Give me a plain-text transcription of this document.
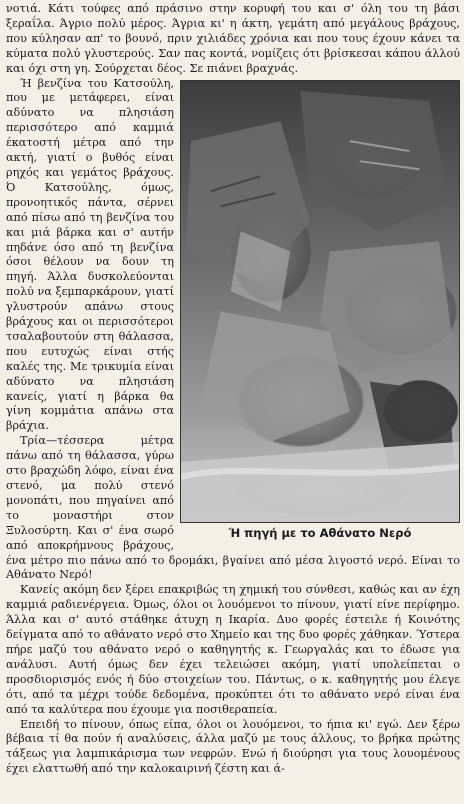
νοτιά. Κάτι τούφες από πράσινο στην κορυφή του και σ' όλη του τη βάσι ξεραΐλα. Άγριο πολύ μέρος. Άγρια κι' η άκτη, γεμάτη από μεγάλους βράχους, που κύλησαν απ' το βουνό, πριν χιλιάδες χρόνια και που τους έχουν κάνει τα κύματα πολύ γλυστερούς. Σαν πας κοντά, νομίζεις ότι βρίσκεσαι κάπου άλλού και όχι στη γη. Σούρχεται δέος. Σε πιάνει βραχνάς.

Ή πηγή με το Αθάνατο Νερό

Ή βενζίνα του Κατσούλη, που με μετάφερει, είναι αδύνατο να πλησιάση περισσότερο από καμμιά έκατοστή μέτρα από την ακτή, γιατί ο βυθός είναι ρηχός και γεμάτος βράχους. Ό Κατσούλης, όμως, προνοητικός πάντα, σέρνει από πίσω από τη βενζίνα του και μιά βάρκα και σ' αυτήν πηδάνε όσο από τη βενζίνα όσοι θέλουν να δουν τη πηγή. Άλλα δυσκολεύονται πολύ να ξεμπαρκάρουν, γιατί γλυστρούν απάνω στους βράχους και οι περισσότεροι τσαλαβουτούν στη θάλασσα, που ευτυχώς είναι στής καλές της. Με τρικυμία είναι αδύνατο να πλησιάση κανείς, γιατί η βάρκα θα γίνη κομμάτια απάνω στα βράχια.

Τρία—τέσσερα μέτρα πάνω από τη θάλασσα, γύρω στο βραχώδη λόφο, είναι ένα στενό, μα πολύ στενό μονοπάτι, που πηγαίνει από το μοναστήρι στον Ξυλοσύρτη. Και σ' ένα σωρό από αποκρήμνους βράχους, ένα μέτρο πιο πάνω από το δρομάκι, βγαίνει από μέσα λιγοστό νερό. Είναι το Αθάνατο Νερό!

Κανείς ακόμη δεν ξέρει επακριβώς τη χημική του σύνθεσι, καθώς και αν έχη καμμιά ραδιενέργεια. Όμως, όλοι οι λουόμενοι το πίνουν, γιατί είνε περίφημο. Άλλα και σ' αυτό στάθηκε άτυχη η Ικαρία. Δυο φορές έστειλε ή Κοινότης δείγματα από το αθάνατο νερό στο Χημείο και της δυο φορές χάθηκαν. Ύστερα πήρε μαζύ του αθάνατο νερό ο καθηγητής κ. Γεωργαλάς και το έδωσε για ανάλυσι. Αυτή όμως δεν έχει τελειώσει ακόμη, γιατί υπολείπεται ο προσδιορισμός ενός ή δύο στοιχείων του. Πάντως, ο κ. καθηγητής μου έλεγε ότι, από τα μέχρι τούδε δεδομένα, προκύπτει ότι το αθάνατο νερό είναι ένα από τα καλύτερα που έχουμε για ποσιθεραπεία.

Επειδή το πίνουν, όπως είπα, όλοι οι λουόμενοι, το ήπια κι' εγώ. Δεν ξέρω βέβαια τί θα πούν ή αναλύσεις, άλλα μαζύ με τους άλλους, το βρήκα πρώτης τάξεως για λαμπικάρισμα των νεφρών. Ενώ ή διούρησι για τους λουομένους έχει ελαττωθή από την καλοκαιρινή ζέστη και ά-
